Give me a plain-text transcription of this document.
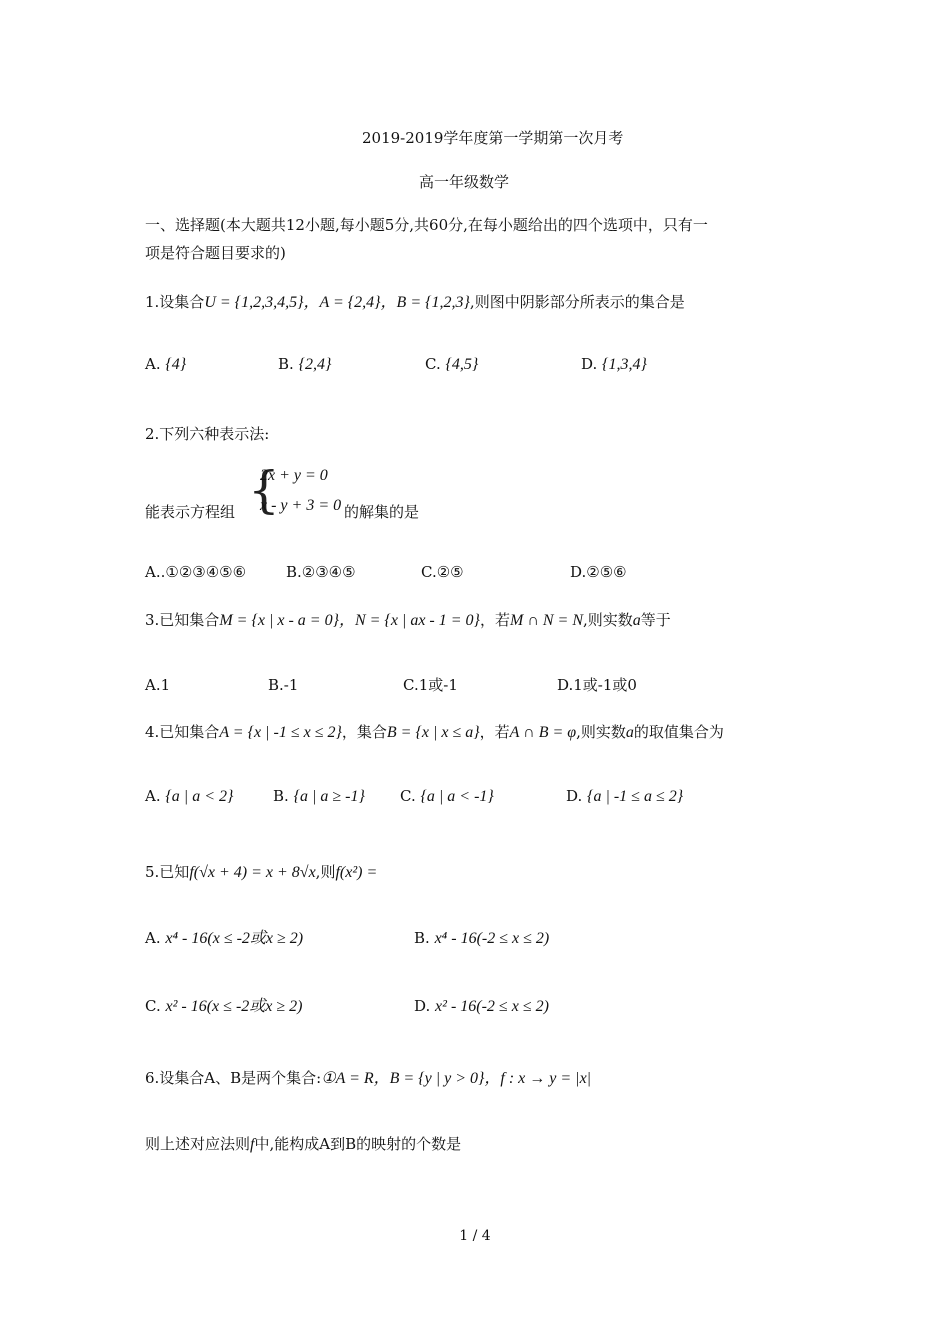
2019-2019学年度第一学期第一次月考
高一年级数学
一、选择题(本大题共12小题,每小题5分,共60分,在每小题给出的四个选项中，只有一
项是符合题目要求的)
1.设集合U = {1,2,3,4,5}，A = {2,4}，B = {1,2,3},则图中阴影部分所表示的集合是
A. {4}	B. {2,4}	C. {4,5}	D. {1,3,4}
2.下列六种表示法:
能表示方程组 {
2x + y = 0
x - y + 3 = 0 的解集的是
A..①②③④⑤⑥	B.②③④⑤	C.②⑤	D.②⑤⑥
3.已知集合M = {x | x - a = 0}，N = {x | ax - 1 = 0}，若M ∩ N = N,则实数a等于
A.1	B.-1	C.1或-1	D.1或-1或0
4.已知集合A = {x | -1 ≤ x ≤ 2}，集合B = {x | x ≤ a}，若A ∩ B = φ,则实数a的取值集合为
A. {a | a < 2}	B. {a | a ≥ -1} C. {a | a < -1}	D. {a | -1 ≤ a ≤ 2}
5.已知f(√x + 4) = x + 8√x,则f(x²) =
A. x⁴ - 16(x ≤ -2或x ≥ 2)	B. x⁴ - 16(-2 ≤ x ≤ 2)
C. x² - 16(x ≤ -2或x ≥ 2)	D. x² - 16(-2 ≤ x ≤ 2)
6.设集合A、B是两个集合:①A = R，B = {y | y > 0}，f : x → y = |x|
则上述对应法则f中,能构成A到B的映射的个数是
1 / 4
